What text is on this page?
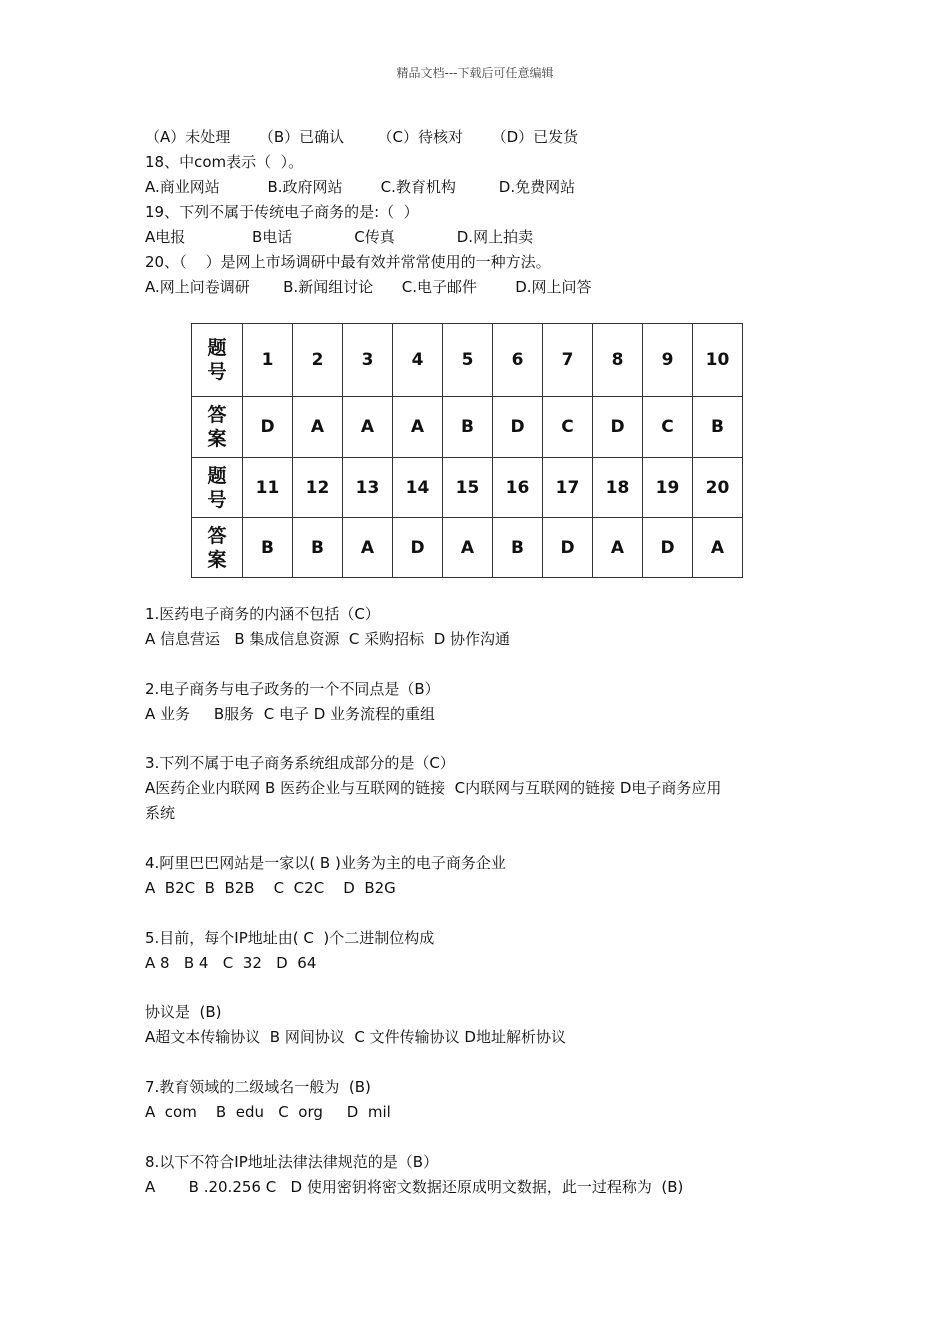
精品文档---下载后可任意编辑
（A）未处理      （B）已确认       （C）待核对      （D）已发货
18、中com表示（  ）。
A.商业网站          B.政府网站        C.教育机构         D.免费网站
19、下列不属于传统电子商务的是:（  ）
A电报              B电话             C传真             D.网上拍卖
20、（    ）是网上市场调研中最有效并常常使用的一种方法。
A.网上问卷调研       B.新闻组讨论      C.电子邮件        D.网上问答
题
号	1	2	3	4	5	6	7	8	9	10

答
案	D	A	A	A	B	D	C	D	C	B

题
号	11	12	13	14	15	16	17	18	19	20

答
案	B	B	A	D	A	B	D	A	D	A
1.医药电子商务的内涵不包括（C）
A 信息营运   B 集成信息资源  C 采购招标  D 协作沟通
2.电子商务与电子政务的一个不同点是（B）
A 业务     B服务  C 电子 D 业务流程的重组
3.下列不属于电子商务系统组成部分的是（C）
A医药企业内联网 B 医药企业与互联网的链接  C内联网与互联网的链接 D电子商务应用
系统
4.阿里巴巴网站是一家以( B )业务为主的电子商务企业
A  B2C  B  B2B    C  C2C    D  B2G
5.目前，每个IP地址由( C  )个二进制位构成
A 8   B 4   C  32   D  64
协议是  (B)
A超文本传输协议  B 网间协议  C 文件传输协议 D地址解析协议
7.教育领域的二级域名一般为  (B)
A  com    B  edu   C  org     D  mil
8.以下不符合IP地址法律法律规范的是（B）
A       B .20.256 C   D 使用密钥将密文数据还原成明文数据，此一过程称为  (B)
